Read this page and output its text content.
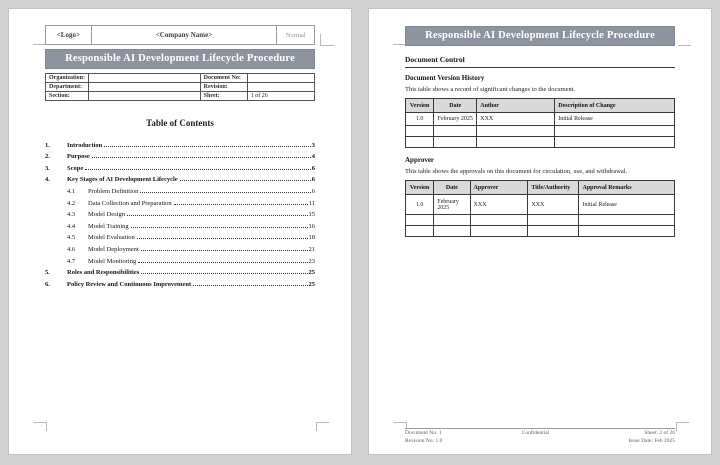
<Logo>	<Company Name>	Normal
Responsible AI Development Lifecycle Procedure
Organization:		Document No:	
Department:		Revision:	
Section:		Sheet:	1 of 26
Table of Contents
1.	Introduction	3
2.	Purpose	4
3.	Scope	6
4.	Key Stages of AI Development Lifecycle	6
4.1	Problem Definition	6
4.2	Data Collection and Preparation	11
4.3	Model Design	15
4.4	Model Training	16
4.5	Model Evaluation	18
4.6	Model Deployment	21
4.7	Model Monitoring	23
5.	Roles and Responsibilities	25
6.	Policy Review and Continuous Improvement	25
Responsible AI Development Lifecycle Procedure
Document Control
Document Version History
This table shows a record of significant changes to the document.
Version	Date	Author	Description of Change
1.0	February 2025	XXX	Initial Release

Approver
This table shows the approvals on this document for circulation, use, and withdrawal.
Version	Date	Approver	Title/Authority	Approval Remarks
1.0	February 2025	XXX	XXX	Initial Release

Document No: 1
Revision No: 1.0
Confidential	Sheet: 2 of 26
Issue Date: Feb 2025
